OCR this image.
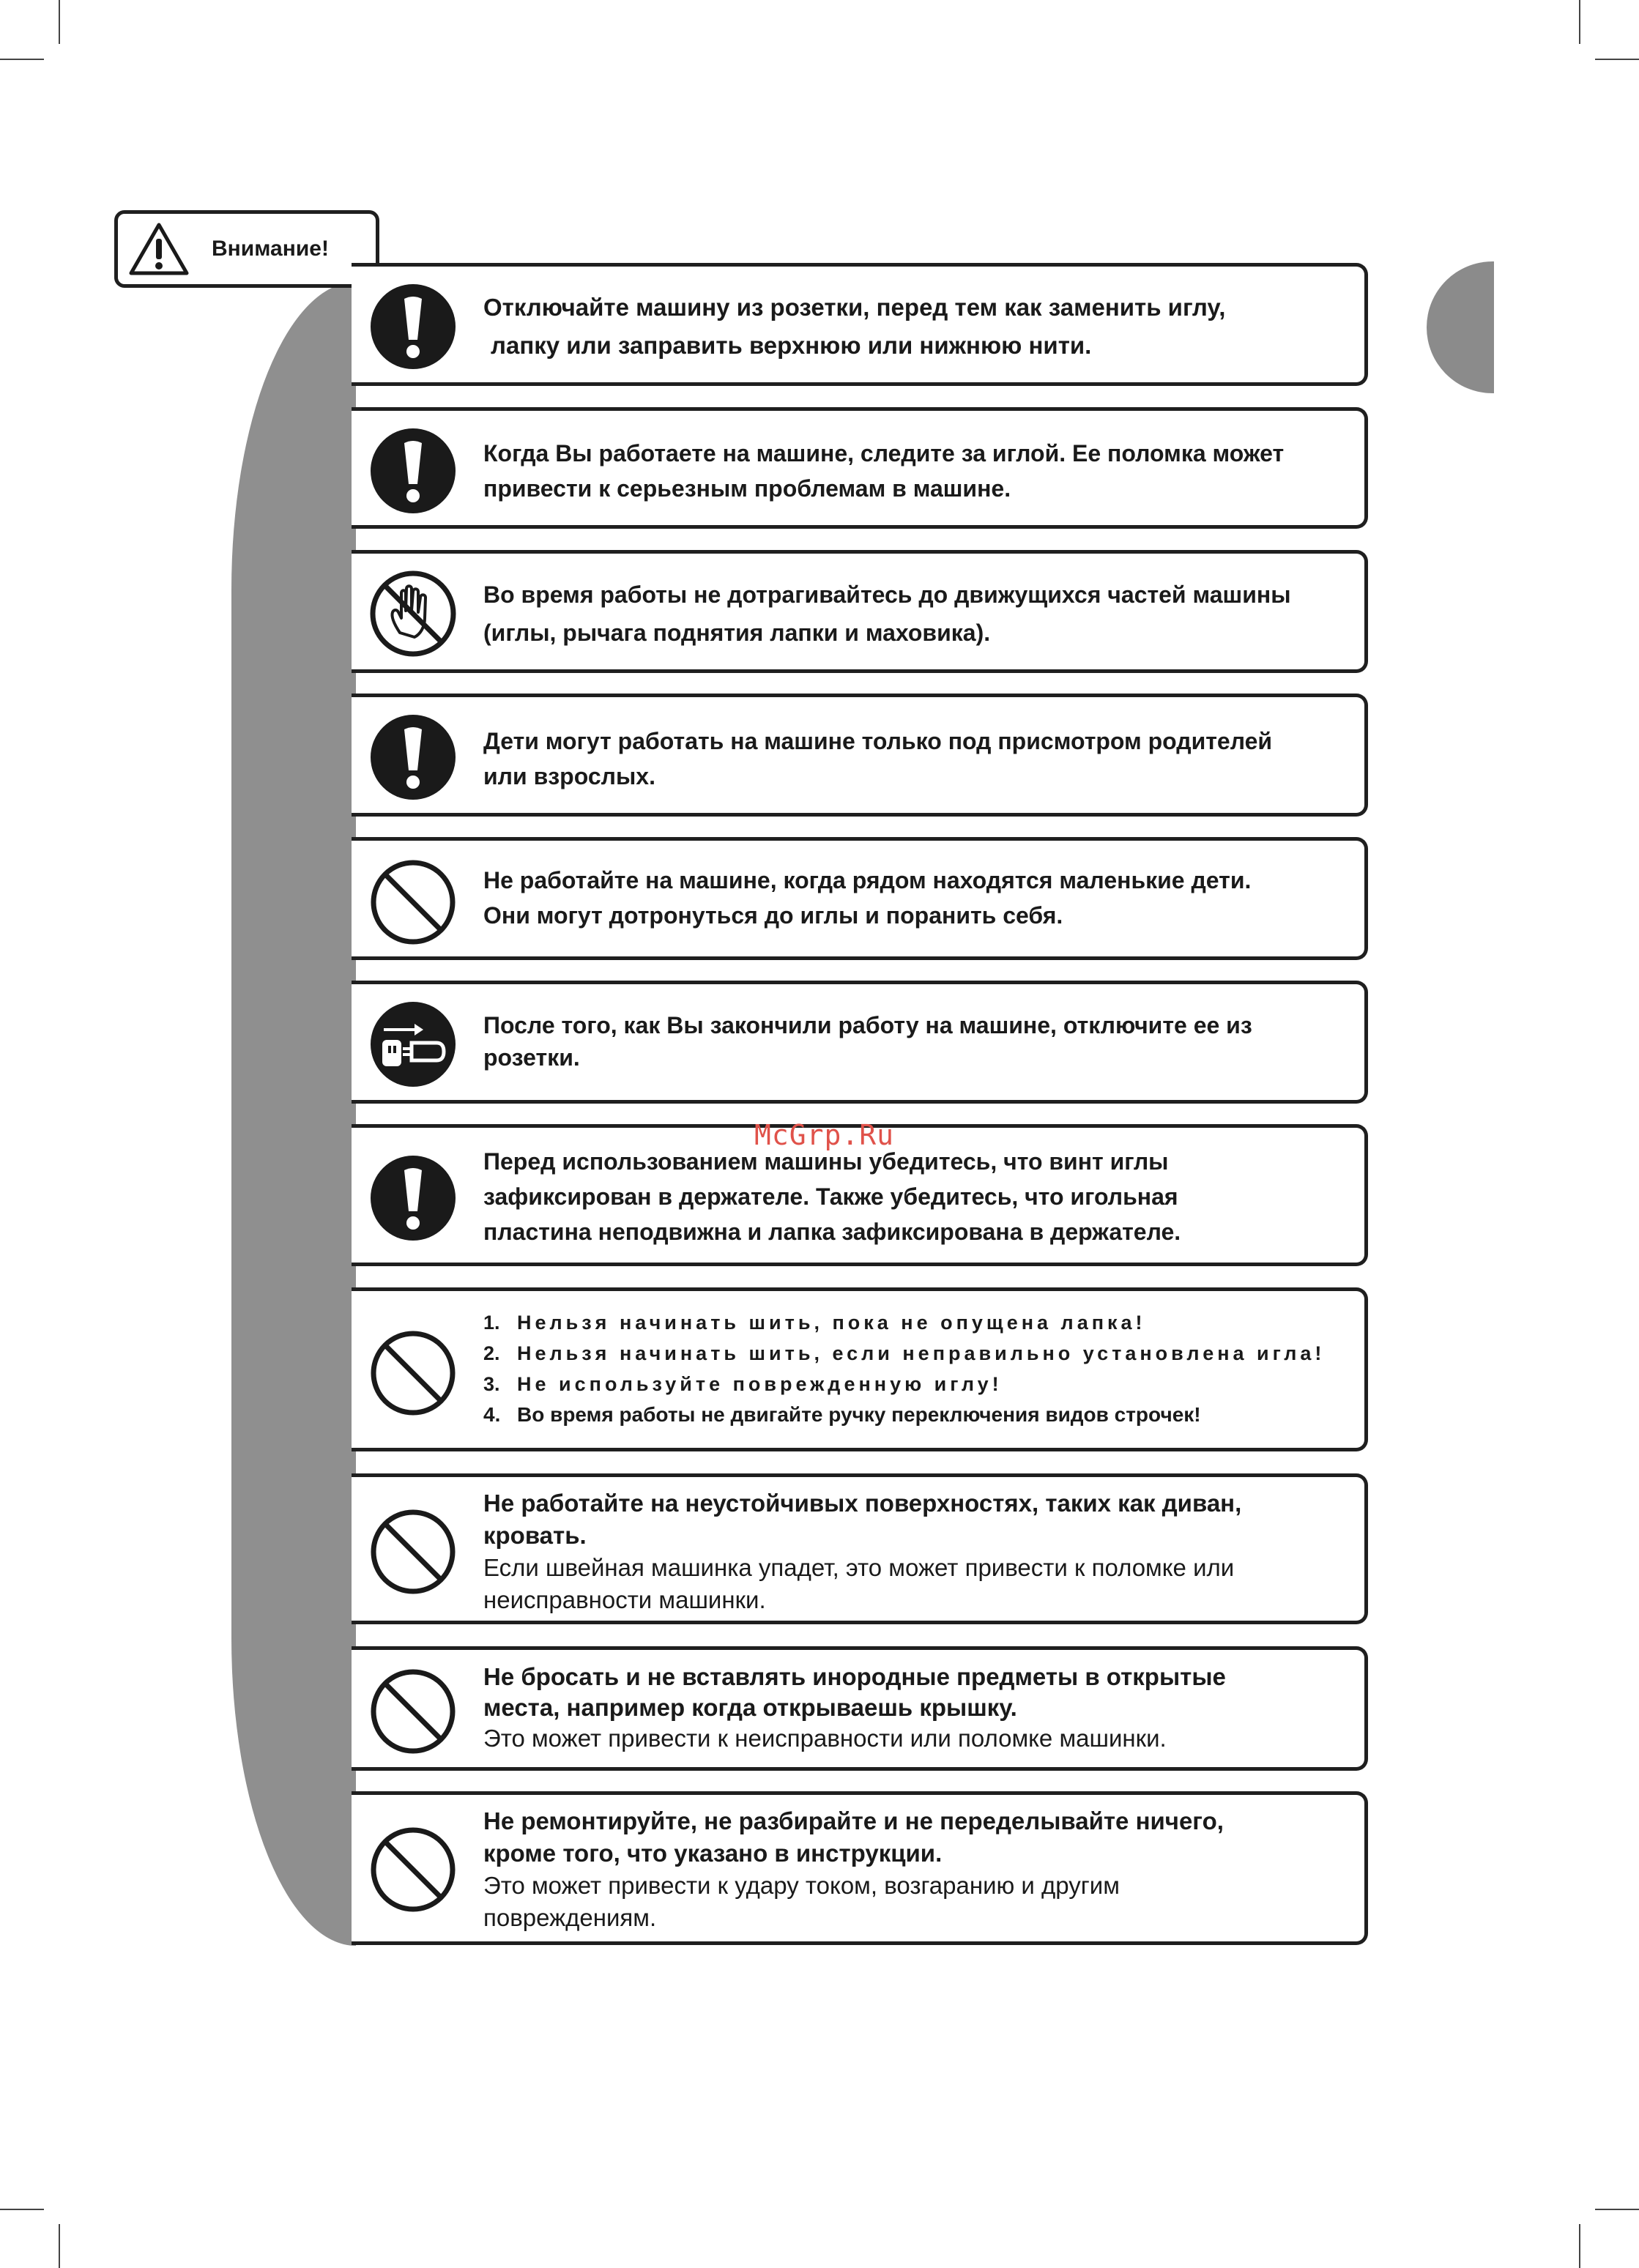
Внимание!
Отключайте машину из розетки, перед тем как заменить иглу,
лапку или заправить верхнюю или нижнюю нити.
Когда Вы работаете на машине, следите за иглой. Ее поломка может
привести к серьезным проблемам в машине.
Во время работы не дотрагивайтесь до движущихся частей машины
(иглы, рычага поднятия лапки и маховика).
Дети могут работать на машине только под присмотром родителей
или взрослых.
Не работайте на машине, когда рядом находятся маленькие дети.
Они могут дотронуться до иглы и поранить себя.
После того, как Вы закончили работу на машине, отключите ее из
розетки.
Перед использованием машины убедитесь, что винт иглы
зафиксирован в держателе. Также убедитесь, что игольная
пластина неподвижна и лапка зафиксирована в держателе.
1. Нельзя начинать шить, пока не опущена лапка!
2. Нельзя начинать шить, если неправильно установлена игла!
3. Не используйте поврежденную иглу!
4. Во время работы не двигайте ручку переключения видов строчек!
Не работайте на неустойчивых поверхностях, таких как диван,
кровать.
Если швейная машинка упадет, это может привести к поломке или
неисправности машинки.
Не бросать и не вставлять инородные предметы в открытые
места, например когда открываешь крышку.
Это может привести к неисправности или поломке машинки.
Не ремонтируйте, не разбирайте и не переделывайте ничего,
кроме того, что указано в инструкции.
Это может привести к удару током, возгаранию и другим
повреждениям.
McGrp.Ru
